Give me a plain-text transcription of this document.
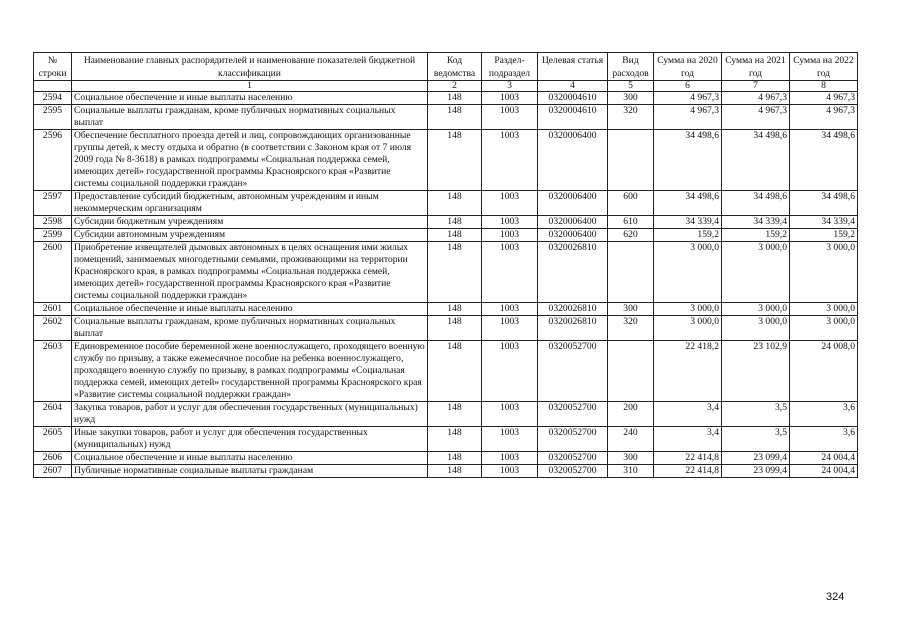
№ строки	Наименование главных распорядителей и наименование показателей бюджетной классификации	Код ведомства	Раздел-подраздел	Целевая статья	Вид расходов	Сумма на 2020 год	Сумма на 2021 год	Сумма на 2022 год
	1	2	3	4	5	6	7	8
2594	Социальное обеспечение и иные выплаты населению	148	1003	0320004610	300	4 967,3	4 967,3	4 967,3
2595	Социальные выплаты гражданам, кроме публичных нормативных социальных выплат	148	1003	0320004610	320	4 967,3	4 967,3	4 967,3
2596	Обеспечение бесплатного проезда детей и лиц, сопровождающих организованные группы детей, к месту отдыха и обратно (в соответствии с Законом края от 7 июля 2009 года № 8-3618) в рамках подпрограммы «Социальная поддержка семей, имеющих детей» государственной программы Красноярского края «Развитие системы социальной поддержки граждан»	148	1003	0320006400		34 498,6	34 498,6	34 498,6
2597	Предоставление субсидий бюджетным, автономным учреждениям и иным некоммерческим организациям	148	1003	0320006400	600	34 498,6	34 498,6	34 498,6
2598	Субсидии бюджетным учреждениям	148	1003	0320006400	610	34 339,4	34 339,4	34 339,4
2599	Субсидии автономным учреждениям	148	1003	0320006400	620	159,2	159,2	159,2
2600	Приобретение извещателей дымовых автономных в целях оснащения ими жилых помещений, занимаемых многодетными семьями, проживающими на территории Красноярского края, в рамках подпрограммы «Социальная поддержка семей, имеющих детей» государственной программы Красноярского края «Развитие системы социальной поддержки граждан»	148	1003	0320026810		3 000,0	3 000,0	3 000,0
2601	Социальное обеспечение и иные выплаты населению	148	1003	0320026810	300	3 000,0	3 000,0	3 000,0
2602	Социальные выплаты гражданам, кроме публичных нормативных социальных выплат	148	1003	0320026810	320	3 000,0	3 000,0	3 000,0
2603	Единовременное пособие беременной жене военнослужащего, проходящего военную службу по призыву, а также ежемесячное пособие на ребенка военнослужащего, проходящего военную службу по призыву, в рамках подпрограммы «Социальная поддержка семей, имеющих детей» государственной программы Красноярского края «Развитие системы социальной поддержки граждан»	148	1003	0320052700		22 418,2	23 102,9	24 008,0
2604	Закупка товаров, работ и услуг для обеспечения государственных (муниципальных) нужд	148	1003	0320052700	200	3,4	3,5	3,6
2605	Иные закупки товаров, работ и услуг для обеспечения государственных (муниципальных) нужд	148	1003	0320052700	240	3,4	3,5	3,6
2606	Социальное обеспечение и иные выплаты населению	148	1003	0320052700	300	22 414,8	23 099,4	24 004,4
2607	Публичные нормативные социальные выплаты гражданам	148	1003	0320052700	310	22 414,8	23 099,4	24 004,4
324
